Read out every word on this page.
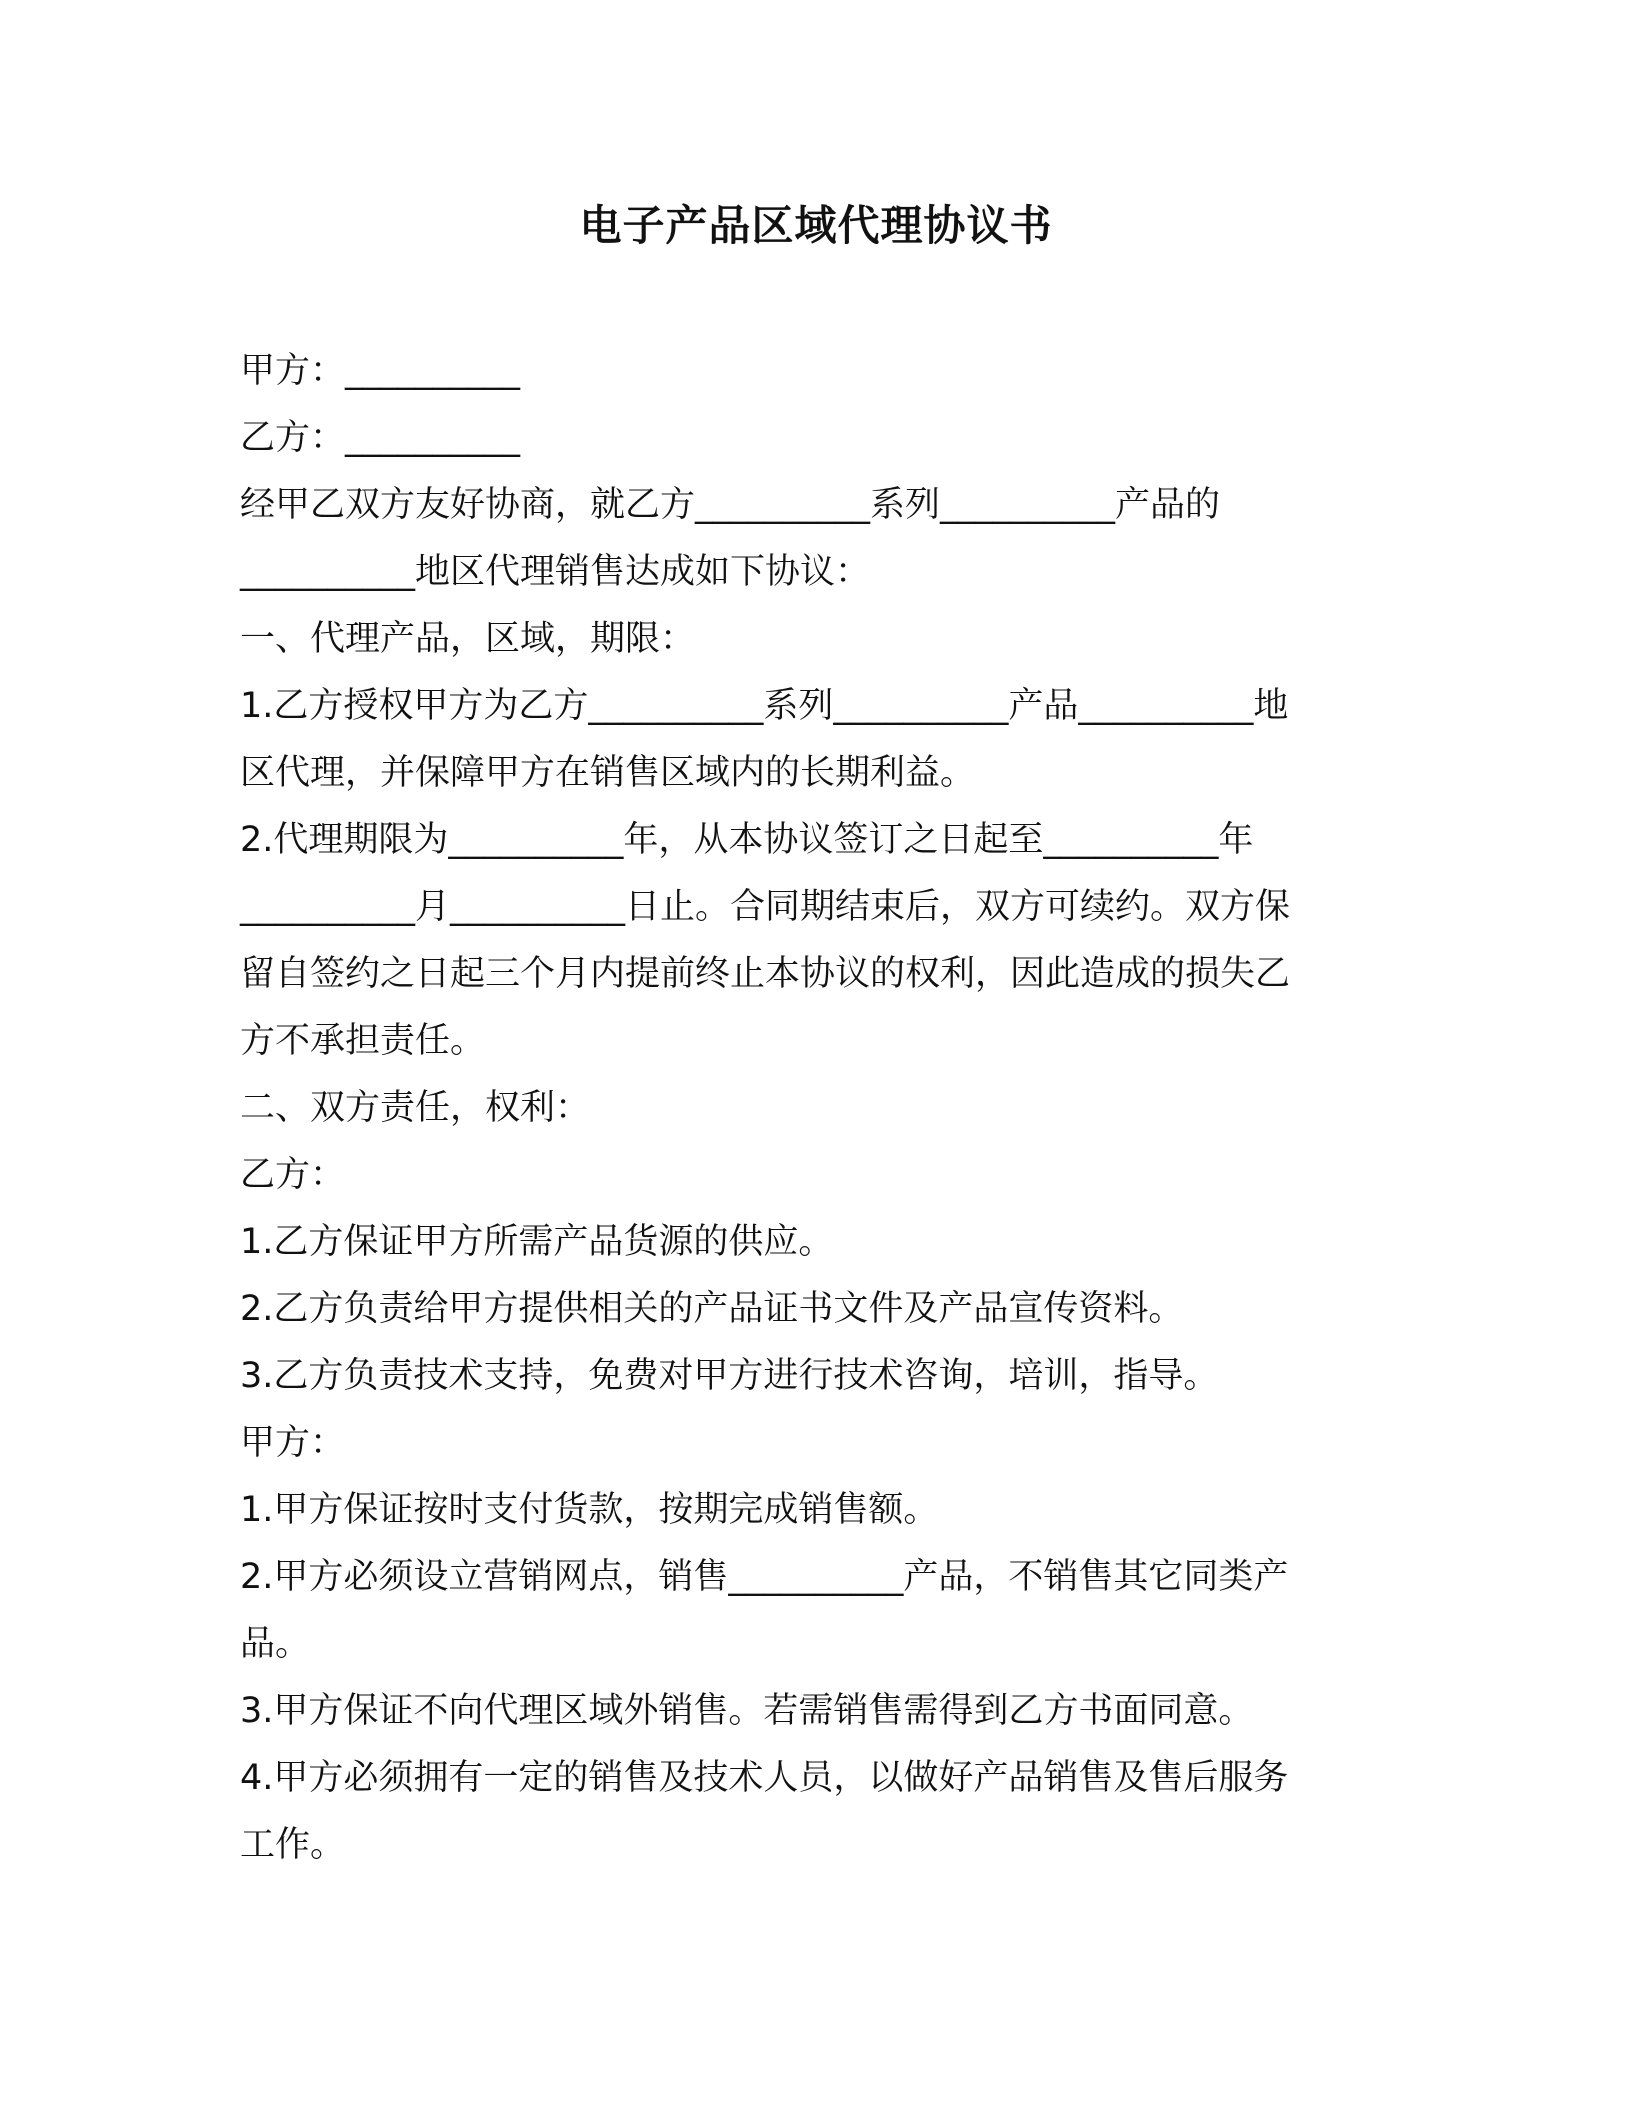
电子产品区域代理协议书

甲方：__________

乙方：__________

经甲乙双方友好协商，就乙方__________系列__________产品的

__________地区代理销售达成如下协议：

一、代理产品，区域，期限：

1.乙方授权甲方为乙方__________系列__________产品__________地

区代理，并保障甲方在销售区域内的长期利益。

2.代理期限为__________年，从本协议签订之日起至__________年

__________月__________日止。合同期结束后，双方可续约。双方保

留自签约之日起三个月内提前终止本协议的权利，因此造成的损失乙

方不承担责任。

二、双方责任，权利：

乙方：

1.乙方保证甲方所需产品货源的供应。

2.乙方负责给甲方提供相关的产品证书文件及产品宣传资料。

3.乙方负责技术支持，免费对甲方进行技术咨询，培训，指导。

甲方：

1.甲方保证按时支付货款，按期完成销售额。

2.甲方必须设立营销网点，销售__________产品，不销售其它同类产

品。

3.甲方保证不向代理区域外销售。若需销售需得到乙方书面同意。

4.甲方必须拥有一定的销售及技术人员，以做好产品销售及售后服务

工作。
